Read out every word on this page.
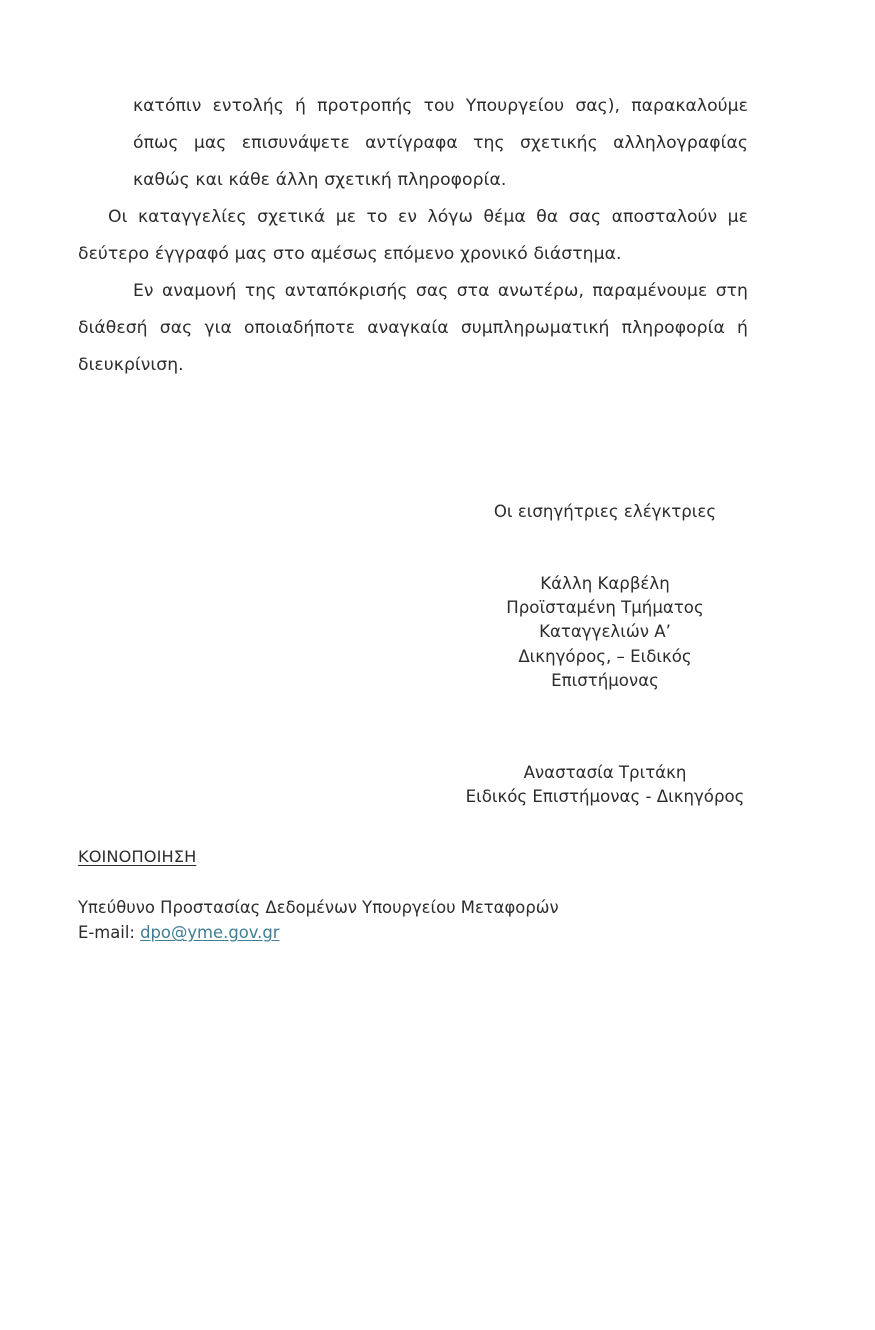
κατόπιν εντολής ή προτροπής του Υπουργείου σας), παρακαλούμε όπως μας επισυνάψετε αντίγραφα της σχετικής αλληλογραφίας καθώς και κάθε άλλη σχετική πληροφορία.

Οι καταγγελίες σχετικά με το εν λόγω θέμα θα σας αποσταλούν με δεύτερο έγγραφό μας στο αμέσως επόμενο χρονικό διάστημα.

Εν αναμονή της ανταπόκρισής σας στα ανωτέρω, παραμένουμε στη διάθεσή σας για οποιαδήποτε αναγκαία συμπληρωματική πληροφορία ή διευκρίνιση.

Οι εισηγήτριες ελέγκτριες

Κάλλη Καρβέλη
Προϊσταμένη Τμήματος
Καταγγελιών Α’
Δικηγόρος, – Ειδικός
Επιστήμονας
Αναστασία Τριτάκη
Ειδικός Επιστήμονας - Δικηγόρος

ΚΟΙΝΟΠΟΙΗΣΗ

Υπεύθυνο Προστασίας Δεδομένων Υπουργείου Μεταφορών
E-mail: dpo@yme.gov.gr
